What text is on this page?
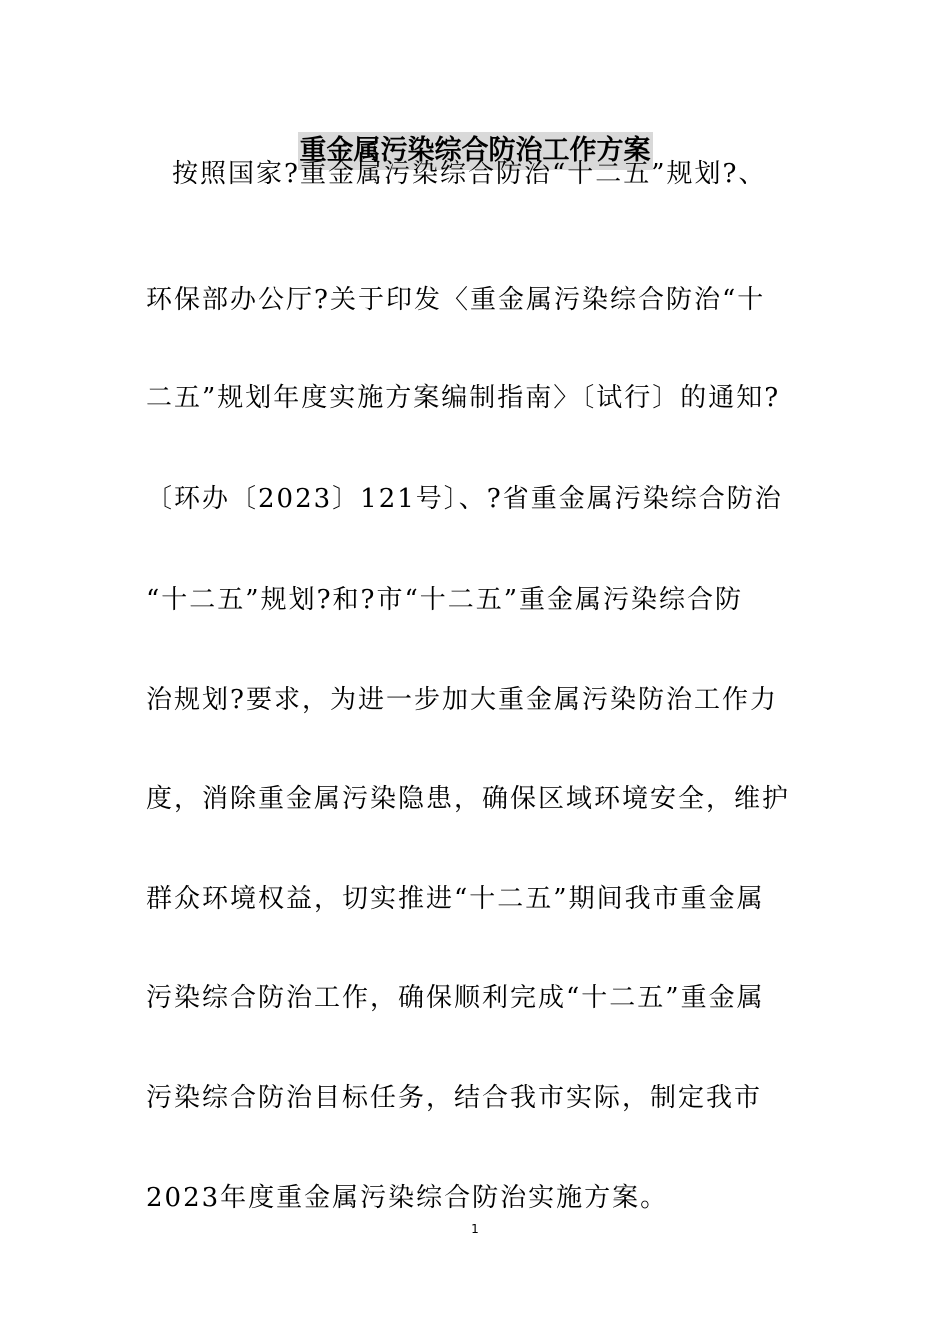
重金属污染综合防治工作方案
按照国家?重金属污染综合防治“十二五”规划?、
环保部办公厅?关于印发〈重金属污染综合防治“十
二五”规划年度实施方案编制指南〉〔试行〕的通知?
〔环办〔2023〕121号〕、?省重金属污染综合防治
“十二五”规划?和?市“十二五”重金属污染综合防
治规划?要求，为进一步加大重金属污染防治工作力
度，消除重金属污染隐患，确保区域环境安全，维护
群众环境权益，切实推进“十二五”期间我市重金属
污染综合防治工作，确保顺利完成“十二五”重金属
污染综合防治目标任务，结合我市实际，制定我市
2023年度重金属污染综合防治实施方案。
1
